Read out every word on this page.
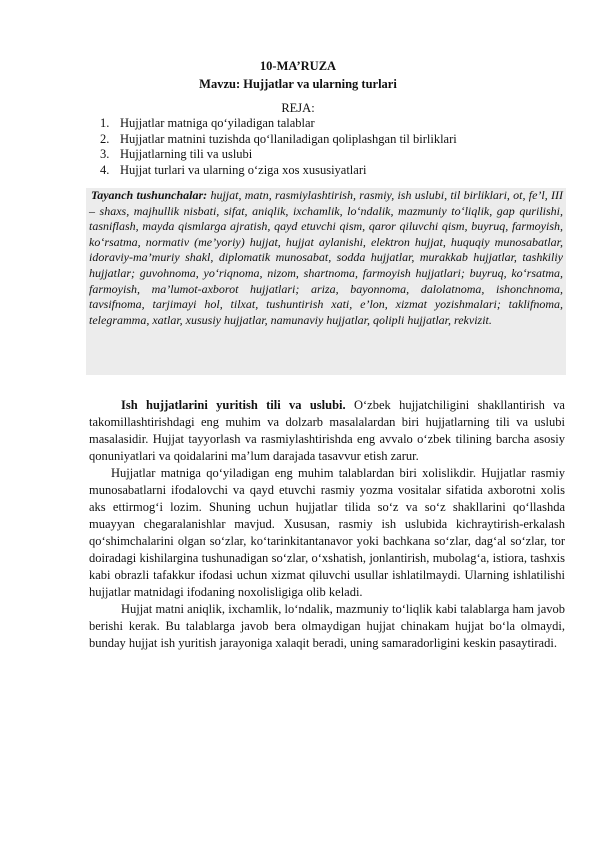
10-MA’RUZA
Mavzu: Hujjatlar va ularning turlari
REJA:
1. Hujjatlar matniga qo‘yiladigan talablar
2. Hujjatlar matnini tuzishda qo‘llaniladigan qoliplashgan til birliklari
3. Hujjatlarning tili va uslubi
4. Hujjat turlari va ularning o‘ziga xos xususiyatlari
Tayanch tushunchalar: hujjat, matn, rasmiylashtirish, rasmiy, ish uslubi, til birliklari, ot, fe’l, III – shaxs, majhullik nisbati, sifat, aniqlik, ixchamlik, lo‘ndalik, mazmuniy to‘liqlik, gap qurilishi, tasniflash, mayda qismlarga ajratish, qayd etuvchi qism, qaror qiluvchi qism, buyruq, farmoyish, ko‘rsatma, normativ (me’yoriy) hujjat, hujjat aylanishi, elektron hujjat, huquqiy munosabatlar, idoraviy-ma’muriy shakl, diplomatik munosabat, sodda hujjatlar, murakkab hujjatlar, tashkiliy hujjatlar; guvohnoma, yo‘riqnoma, nizom, shartnoma, farmoyish hujjatlari; buyruq, ko‘rsatma, farmoyish, ma’lumot-axborot hujjatlari; ariza, bayonnoma, dalolatnoma, ishonchnoma, tavsifnoma, tarjimayi hol, tilxat, tushuntirish xati, e’lon, xizmat yozishmalari; taklifnoma, telegramma, xatlar, xususiy hujjatlar, namunaviy hujjatlar, qolipli hujjatlar, rekvizit.

Ish hujjatlarini yuritish tili va uslubi. O‘zbek hujjatchiligini shakllantirish va takomillashtirishdagi eng muhim va dolzarb masalalardan biri hujjatlarning tili va uslubi masalasidir. Hujjat tayyorlash va rasmiylashtirishda eng avvalo o‘zbek tilining barcha asosiy qonuniyatlari va qoidalarini ma’lum darajada tasavvur etish zarur.

Hujjatlar matniga qo‘yiladigan eng muhim talablardan biri xolislikdir. Hujjatlar rasmiy munosabatlarni ifodalovchi va qayd etuvchi rasmiy yozma vositalar sifatida axborotni xolis aks ettirmog‘i lozim. Shuning uchun hujjatlar tilida so‘z va so‘z shakllarini qo‘llashda muayyan chegaralanishlar mavjud. Xususan, rasmiy ish uslubida kichraytirish-erkalash qo‘shimchalarini olgan so‘zlar, ko‘tarinkitantanavor yoki bachkana so‘zlar, dag‘al so‘zlar, tor doiradagi kishilargina tushunadigan so‘zlar, o‘xshatish, jonlantirish, mubolag‘a, istiora, tashxis kabi obrazli tafakkur ifodasi uchun xizmat qiluvchi usullar ishlatilmaydi. Ularning ishlatilishi hujjatlar matnidagi ifodaning noxolisligiga olib keladi.

Hujjat matni aniqlik, ixchamlik, lo‘ndalik, mazmuniy to‘liqlik kabi talablarga ham javob berishi kerak. Bu talablarga javob bera olmaydigan hujjat chinakam hujjat bo‘la olmaydi, bunday hujjat ish yuritish jarayoniga xalaqit beradi, uning samaradorligini keskin pasaytiradi.
